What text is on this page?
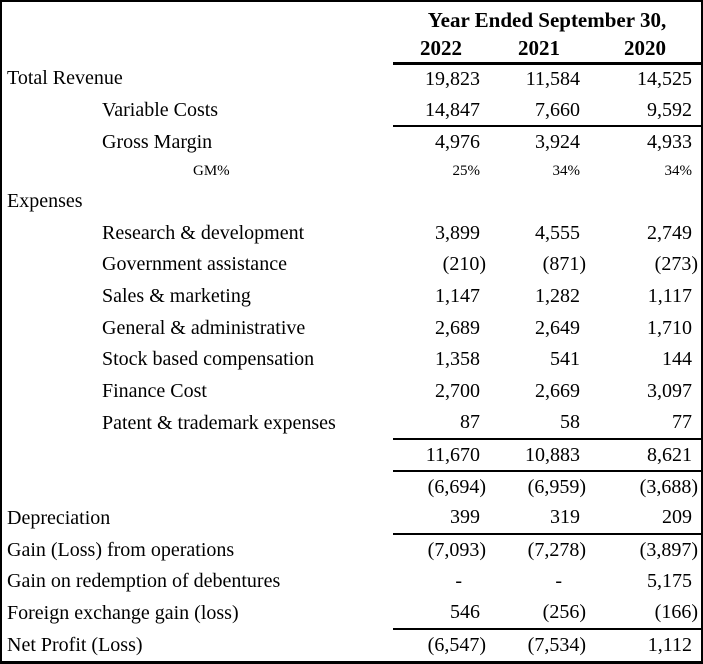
	Year Ended September 30,		
	2022	2021	2020
Total Revenue	19,823	11,584	14,525
Variable Costs	14,847	7,660	9,592
Gross Margin	4,976	3,924	4,933
GM%	25%	34%	34%
Expenses			
Research & development	3,899	4,555	2,749
Government assistance	(210)	(871)	(273)
Sales & marketing	1,147	1,282	1,117
General & administrative	2,689	2,649	1,710
Stock based compensation	1,358	541	144
Finance Cost	2,700	2,669	3,097
Patent & trademark expenses	87	58	77
	11,670	10,883	8,621
	(6,694)	(6,959)	(3,688)
Depreciation	399	319	209
Gain (Loss) from operations	(7,093)	(7,278)	(3,897)
Gain on redemption of debentures	-	-	5,175
Foreign exchange gain (loss)	546	(256)	(166)
Net Profit (Loss)	(6,547)	(7,534)	1,112
